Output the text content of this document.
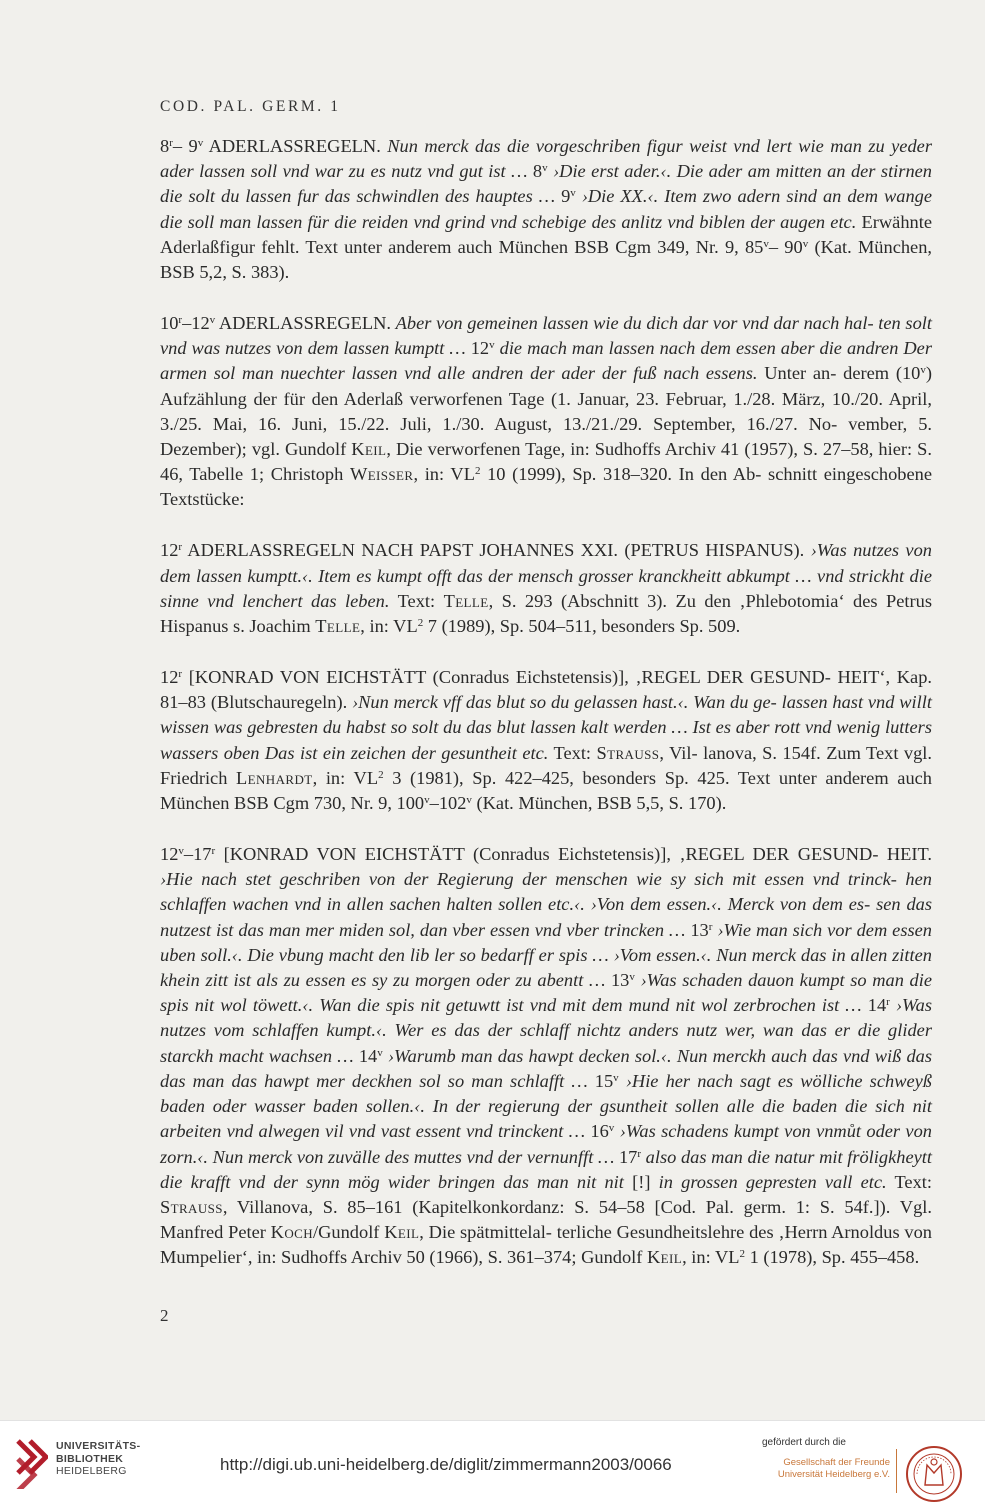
COD. PAL. GERM. 1

8$^r$– 9$^v$ ADERLASSREGELN. Nun merck das die vorgeschriben figur weist vnd lert wie man zu yeder ader lassen soll vnd war zu es nutz vnd gut ist … 8$^v$ ›Die erst ader.‹. Die ader am mitten an der stirnen die solt du lassen fur das schwindlen des hauptes … 9$^v$ ›Die XX.‹. Item zwo adern sind an dem wange die soll man lassen für die reiden vnd grind vnd schebige des anlitz vnd biblen der augen etc. Erwähnte Aderlaßfigur fehlt. Text unter anderem auch München BSB Cgm 349, Nr. 9, 85$^v$– 90$^v$ (Kat. München, BSB 5,2, S. 383).

10$^r$–12$^v$ ADERLASSREGELN. Aber von gemeinen lassen wie du dich dar vor vnd dar nach hal- ten solt vnd was nutzes von dem lassen kumptt … 12$^v$ die mach man lassen nach dem essen aber die andren Der armen sol man nuechter lassen vnd alle andren der ader der fuß nach essens. Unter an- derem (10$^v$) Aufzählung der für den Aderlaß verworfenen Tage (1. Januar, 23. Februar, 1./28. März, 10./20. April, 3./25. Mai, 16. Juni, 15./22. Juli, 1./30. August, 13./21./29. September, 16./27. No- vember, 5. Dezember); vgl. Gundolf Keil, Die verworfenen Tage, in: Sudhoffs Archiv 41 (1957), S. 27–58, hier: S. 46, Tabelle 1; Christoph Weisser, in: $VL^2$ 10 (1999), Sp. 318–320. In den Ab- schnitt eingeschobene Textstücke:

12$^r$ ADERLASSREGELN NACH PAPST JOHANNES XXI. (PETRUS HISPANUS). ›Was nutzes von dem lassen kumptt.‹. Item es kumpt offt das der mensch grosser kranckheitt abkumpt … vnd strickht die sinne vnd lenchert das leben. Text: Telle, S. 293 (Abschnitt 3). Zu den ‚Phlebotomia‘ des Petrus Hispanus s. Joachim Telle, in: $VL^2$ 7 (1989), Sp. 504–511, besonders Sp. 509.

12$^r$ [KONRAD VON EICHSTÄTT (Conradus Eichstetensis)], ‚REGEL DER GESUND- HEIT‘, Kap. 81–83 (Blutschauregeln). ›Nun merck vff das blut so du gelassen hast.‹. Wan du ge- lassen hast vnd willt wissen was gebresten du habst so solt du das blut lassen kalt werden … Ist es aber rott vnd wenig lutters wassers oben Das ist ein zeichen der gesuntheit etc. Text: Strauss, Vil- lanova, S. 154f. Zum Text vgl. Friedrich Lenhardt, in: $VL^2$ 3 (1981), Sp. 422–425, besonders Sp. 425. Text unter anderem auch München BSB Cgm 730, Nr. 9, 100$^v$–102$^v$ (Kat. München, BSB 5,5, S. 170).

12$^v$–17$^r$ [KONRAD VON EICHSTÄTT (Conradus Eichstetensis)], ‚REGEL DER GESUND- HEIT. ›Hie nach stet geschriben von der Regierung der menschen wie sy sich mit essen vnd trinck- hen schlaffen wachen vnd in allen sachen halten sollen etc.‹. ›Von dem essen.‹. Merck von dem es- sen das nutzest ist das man mer miden sol, dan vber essen vnd vber trincken … 13$^r$ ›Wie man sich vor dem essen uben soll.‹. Die vbung macht den lib ler so bedarff er spis … ›Vom essen.‹. Nun merck das in allen zitten khein zitt ist als zu essen es sy zu morgen oder zu abentt … 13$^v$ ›Was schaden dauon kumpt so man die spis nit wol töwett.‹. Wan die spis nit getuwtt ist vnd mit dem mund nit wol zerbrochen ist … 14$^r$ ›Was nutzes vom schlaffen kumpt.‹. Wer es das der schlaff nichtz anders nutz wer, wan das er die glider starckh macht wachsen … 14$^v$ ›Warumb man das hawpt decken sol.‹. Nun merckh auch das vnd wiß das das man das hawpt mer deckhen sol so man schlafft … 15$^v$ ›Hie her nach sagt es wölliche schweyß baden oder wasser baden sollen.‹. In der regierung der gsuntheit sollen alle die baden die sich nit arbeiten vnd alwegen vil vnd vast essent vnd trinckent … 16$^v$ ›Was schadens kumpt von vnmůt oder von zorn.‹. Nun merck von zuvälle des muttes vnd der vernunfft … 17$^r$ also das man die natur mit fröligkheytt die krafft vnd der synn mög wider bringen das man nit nit [!] in grossen gepresten vall etc. Text: Strauss, Villanova, S. 85–161 (Kapitelkonkordanz: S. 54–58 [Cod. Pal. germ. 1: S. 54f.]). Vgl. Manfred Peter Koch/Gundolf Keil, Die spätmittelal- terliche Gesundheitslehre des ‚Herrn Arnoldus von Mumpelier‘, in: Sudhoffs Archiv 50 (1966), S. 361–374; Gundolf Keil, in: $VL^2$ 1 (1978), Sp. 455–458.

2
UNIVERSITÄTS-
BIBLIOTHEK
HEIDELBERG	http://digi.ub.uni-heidelberg.de/diglit/zimmermann2003/0066
gefördert durch die
Gesellschaft der Freunde
Universität Heidelberg e.V.
